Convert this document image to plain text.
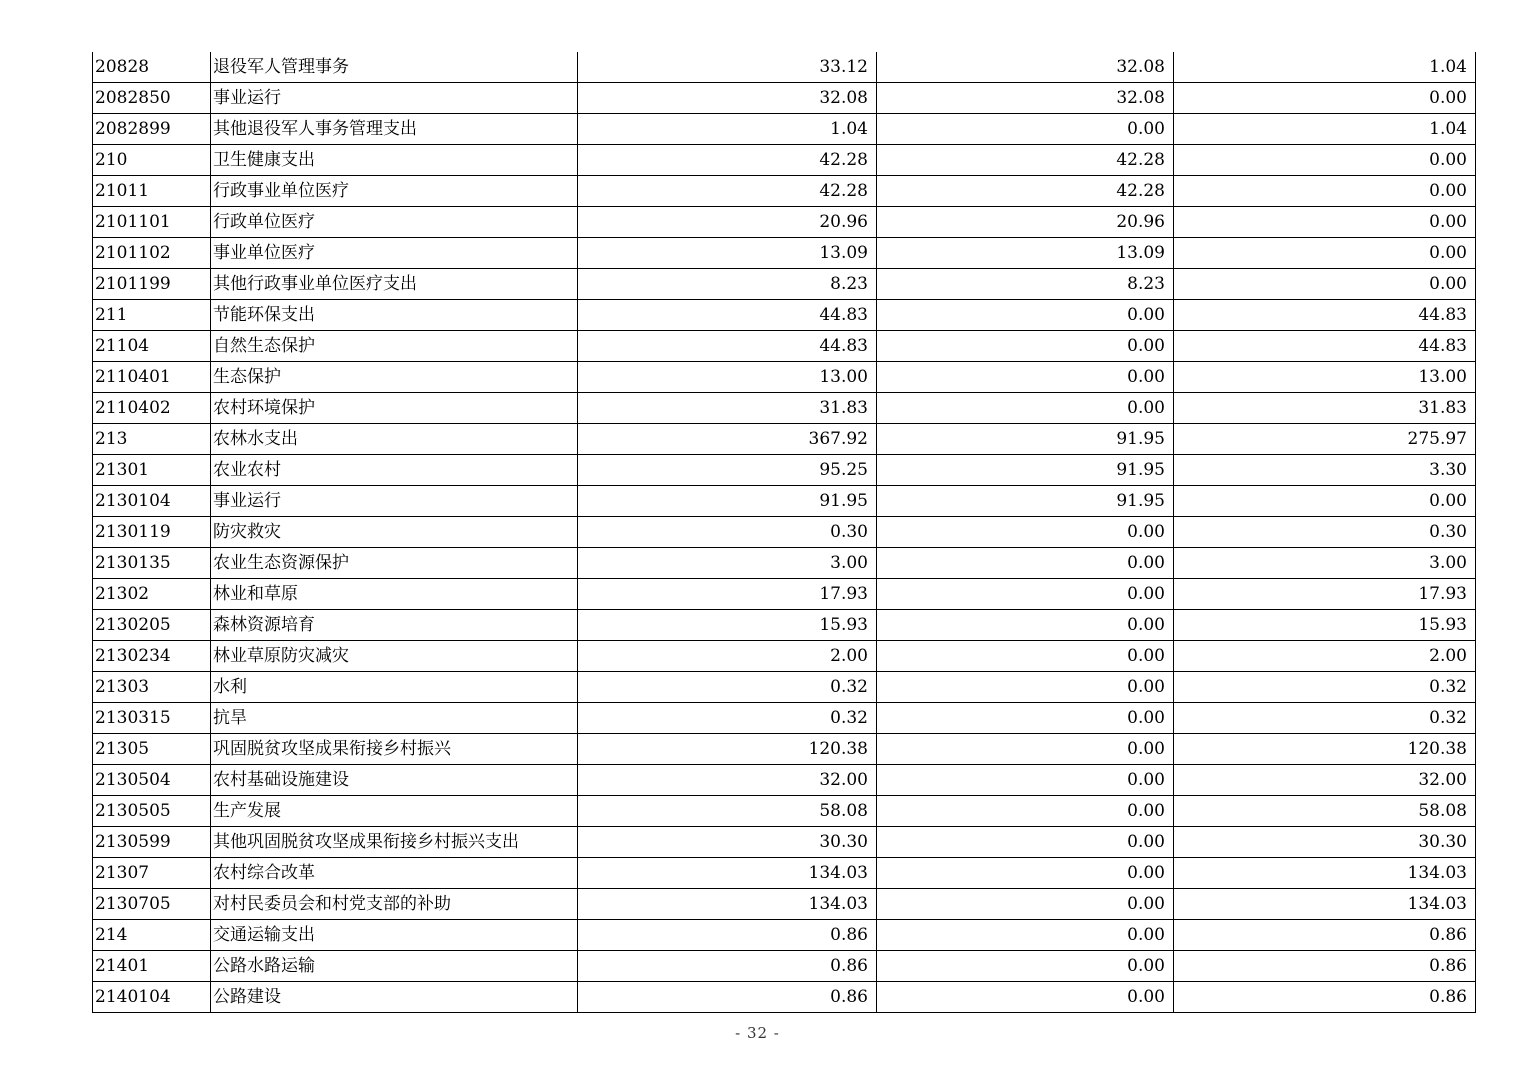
20828	退役军人管理事务	33.12	32.08	1.04
2082850	事业运行	32.08	32.08	0.00
2082899	其他退役军人事务管理支出	1.04	0.00	1.04
210	卫生健康支出	42.28	42.28	0.00
21011	行政事业单位医疗	42.28	42.28	0.00
2101101	行政单位医疗	20.96	20.96	0.00
2101102	事业单位医疗	13.09	13.09	0.00
2101199	其他行政事业单位医疗支出	8.23	8.23	0.00
211	节能环保支出	44.83	0.00	44.83
21104	自然生态保护	44.83	0.00	44.83
2110401	生态保护	13.00	0.00	13.00
2110402	农村环境保护	31.83	0.00	31.83
213	农林水支出	367.92	91.95	275.97
21301	农业农村	95.25	91.95	3.30
2130104	事业运行	91.95	91.95	0.00
2130119	防灾救灾	0.30	0.00	0.30
2130135	农业生态资源保护	3.00	0.00	3.00
21302	林业和草原	17.93	0.00	17.93
2130205	森林资源培育	15.93	0.00	15.93
2130234	林业草原防灾减灾	2.00	0.00	2.00
21303	水利	0.32	0.00	0.32
2130315	抗旱	0.32	0.00	0.32
21305	巩固脱贫攻坚成果衔接乡村振兴	120.38	0.00	120.38
2130504	农村基础设施建设	32.00	0.00	32.00
2130505	生产发展	58.08	0.00	58.08
2130599	其他巩固脱贫攻坚成果衔接乡村振兴支出	30.30	0.00	30.30
21307	农村综合改革	134.03	0.00	134.03
2130705	对村民委员会和村党支部的补助	134.03	0.00	134.03
214	交通运输支出	0.86	0.00	0.86
21401	公路水路运输	0.86	0.00	0.86
2140104	公路建设	0.86	0.00	0.86
- 32 -
